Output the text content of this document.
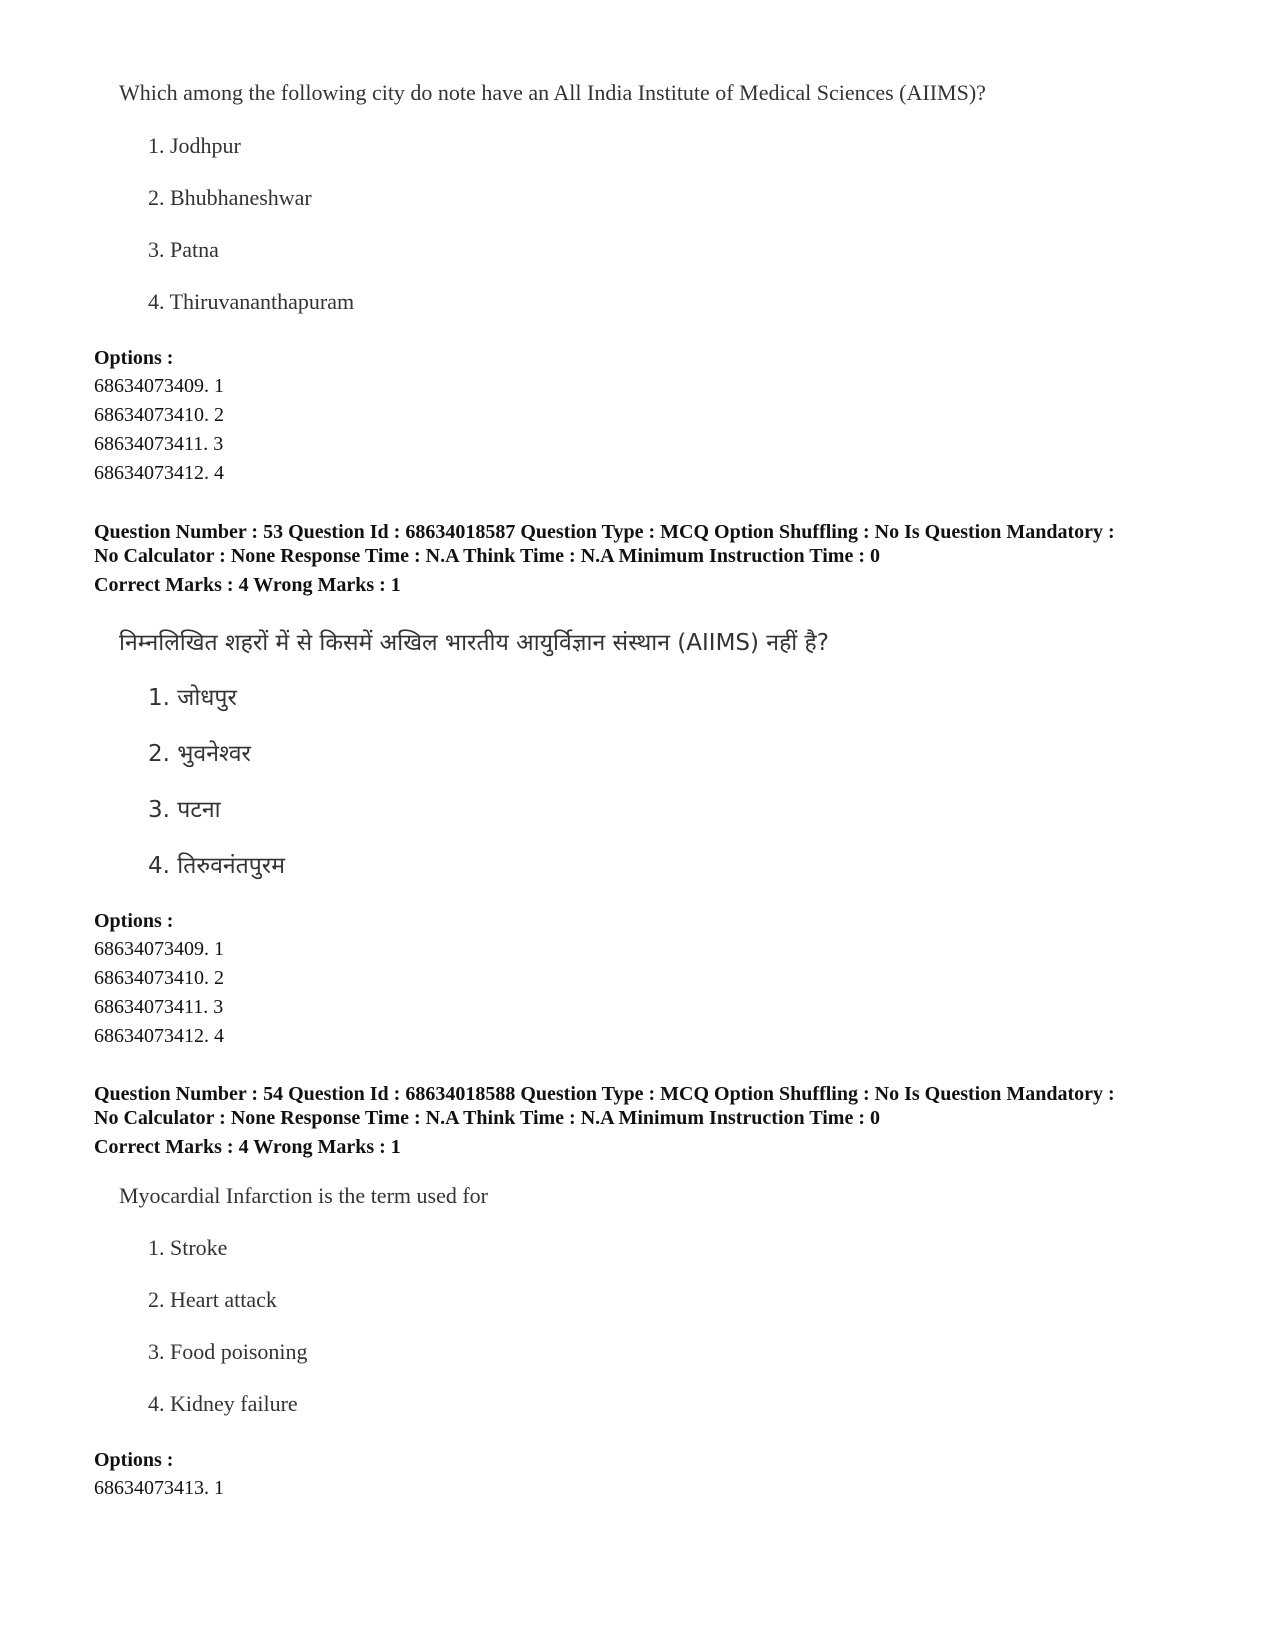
Which among the following city do note have an All India Institute of Medical Sciences (AIIMS)?

1. Jodhpur
2. Bhubhaneshwar
3. Patna
4. Thiruvananthapuram
Options :
68634073409. 1
68634073410. 2
68634073411. 3
68634073412. 4
Question Number : 53 Question Id : 68634018587 Question Type : MCQ Option Shuffling : No Is Question Mandatory :
No Calculator : None Response Time : N.A Think Time : N.A Minimum Instruction Time : 0
Correct Marks : 4 Wrong Marks : 1

निम्नलिखित शहरों में से किसमें अखिल भारतीय आयुर्विज्ञान संस्थान (AIIMS) नहीं है?

1. जोधपुर
2. भुवनेश्वर
3. पटना
4. तिरुवनंतपुरम
Options :
68634073409. 1
68634073410. 2
68634073411. 3
68634073412. 4
Question Number : 54 Question Id : 68634018588 Question Type : MCQ Option Shuffling : No Is Question Mandatory :
No Calculator : None Response Time : N.A Think Time : N.A Minimum Instruction Time : 0
Correct Marks : 4 Wrong Marks : 1

Myocardial Infarction is the term used for

1. Stroke
2. Heart attack
3. Food poisoning
4. Kidney failure
Options :
68634073413. 1
